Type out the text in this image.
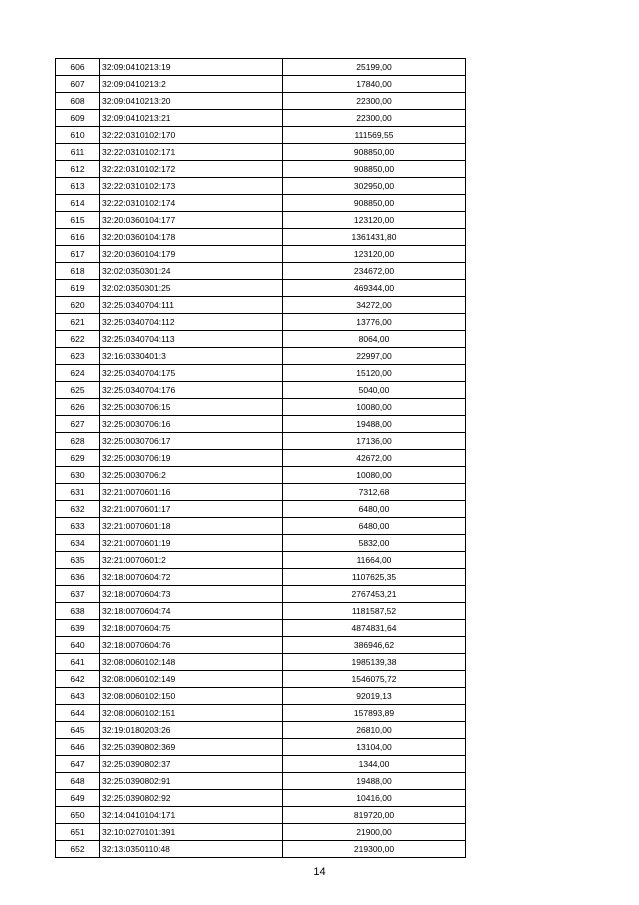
606	32:09:0410213:19	25199,00
607	32:09:0410213:2	17840,00
608	32:09:0410213:20	22300,00
609	32:09:0410213:21	22300,00
610	32:22:0310102:170	111569,55
611	32:22:0310102:171	908850,00
612	32:22:0310102:172	908850,00
613	32:22:0310102:173	302950,00
614	32:22:0310102:174	908850,00
615	32:20:0360104:177	123120,00
616	32:20:0360104:178	1361431,80
617	32:20:0360104:179	123120,00
618	32:02:0350301:24	234672,00
619	32:02:0350301:25	469344,00
620	32:25:0340704:111	34272,00
621	32:25:0340704:112	13776,00
622	32:25:0340704:113	8064,00
623	32:16:0330401:3	22997,00
624	32:25:0340704:175	15120,00
625	32:25:0340704:176	5040,00
626	32:25:0030706:15	10080,00
627	32:25:0030706:16	19488,00
628	32:25:0030706:17	17136,00
629	32:25:0030706:19	42672,00
630	32:25:0030706:2	10080,00
631	32:21:0070601:16	7312,68
632	32:21:0070601:17	6480,00
633	32:21:0070601:18	6480,00
634	32:21:0070601:19	5832,00
635	32:21:0070601:2	11664,00
636	32:18:0070604:72	1107625,35
637	32:18:0070604:73	2767453,21
638	32:18:0070604:74	1181587,52
639	32:18:0070604:75	4874831,64
640	32:18:0070604:76	386946,62
641	32:08:0060102:148	1985139,38
642	32:08:0060102:149	1546075,72
643	32:08:0060102:150	92019,13
644	32:08:0060102:151	157893,89
645	32:19:0180203:26	26810,00
646	32:25:0390802:369	13104,00
647	32:25:0390802:37	1344,00
648	32:25:0390802:91	19488,00
649	32:25:0390802:92	10416,00
650	32:14:0410104:171	819720,00
651	32:10:0270101:391	21900,00
652	32:13:0350110:48	219300,00
14
